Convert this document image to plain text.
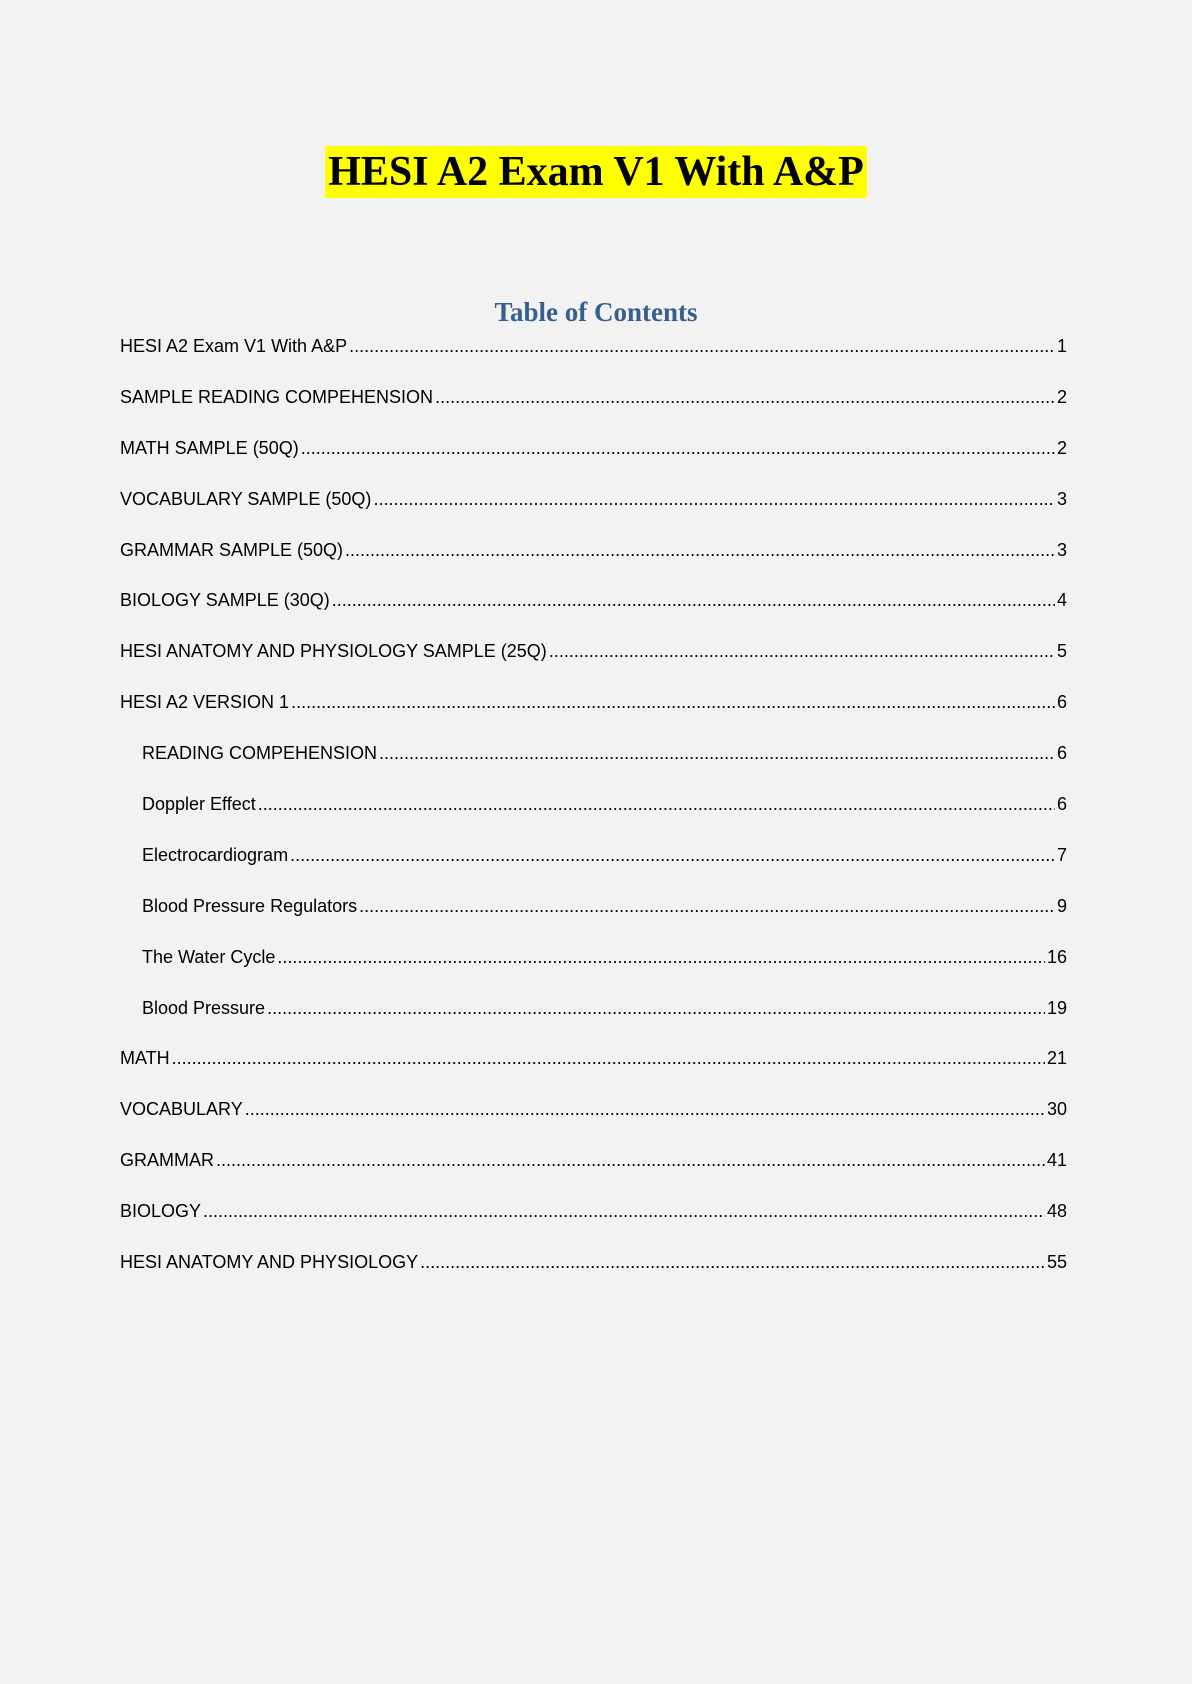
HESI A2 Exam V1 With A&P
Table of Contents
HESI A2 Exam V1 With A&P .....	1
SAMPLE READING COMPEHENSION .....	2
MATH SAMPLE (50Q) .....	2
VOCABULARY SAMPLE (50Q) .....	3
GRAMMAR SAMPLE (50Q) .....	3
BIOLOGY SAMPLE (30Q) .....	4
HESI ANATOMY AND PHYSIOLOGY SAMPLE (25Q) .....	5
HESI A2 VERSION 1 .....	6
READING COMPEHENSION .....	6
Doppler Effect .....	6
Electrocardiogram .....	7
Blood Pressure Regulators .....	9
The Water Cycle .....	16
Blood Pressure .....	19
MATH .....	21
VOCABULARY .....	30
GRAMMAR .....	41
BIOLOGY .....	48
HESI ANATOMY AND PHYSIOLOGY .....	55
